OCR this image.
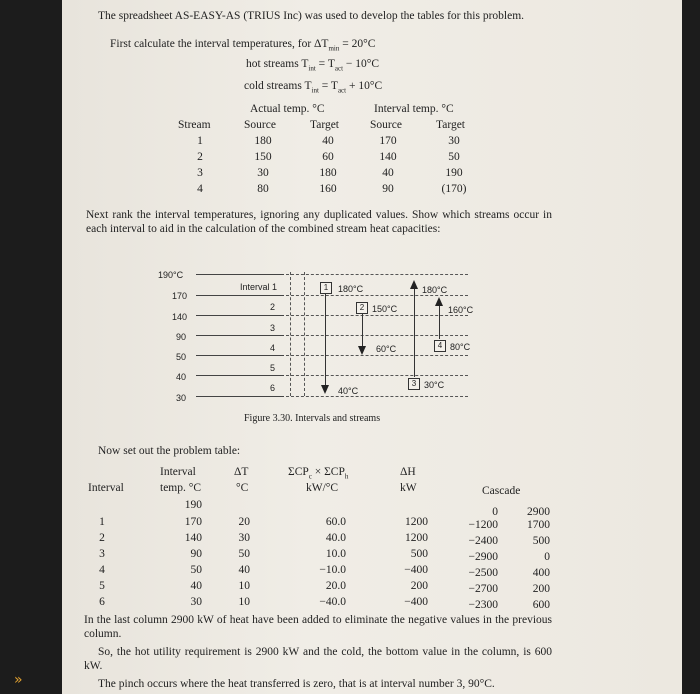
The spreadsheet AS-EASY-AS (TRIUS Inc) was used to develop the tables for this problem.
First calculate the interval temperatures, for $\Delta T_{min} = 20^\circ C$
hot streams $T_{int} = T_{act} - 10^\circ C$
cold streams $T_{int} = T_{act} + 10^\circ C$
Actual temp. °C	Interval temp. °C
Stream	Source	Target	Source	Target
1	180	40	170	30
2	150	60	140	50
3	30	180	40	190
4	80	160	90	(170)
Next rank the interval temperatures, ignoring any duplicated values. Show which streams occur in each interval to aid in the calculation of the combined stream heat capacities:
190°C
170
140
90
50
40
30
Interval 1
2
3
4
5
6
1	180°C
40°C
2 150°C
60°C
3 30°C
180°C
4 80°C
160°C
Figure 3.30. Intervals and streams
Now set out the problem table:
Interval
Interval	temp. °C
ΔT
°C
$\Sigma CP_c \times \Sigma CP_h$
kW/°C
ΔH
kW	Cascade
190
0	2900
1	170	20	60.0	1200	−1200	1700
2	140	30	40.0	1200	−2400	500
3	90	50	10.0	500	−2900	0
4	50	40	−10.0	−400	−2500	400
5	40	10	20.0	200	−2700	200
6	30	10	−40.0	−400	−2300	600
In the last column 2900 kW of heat have been added to eliminate the negative values in the previous column.
So, the hot utility requirement is 2900 kW and the cold, the bottom value in the column, is 600 kW.
The pinch occurs where the heat transferred is zero, that is at interval number 3, 90°C.
»
